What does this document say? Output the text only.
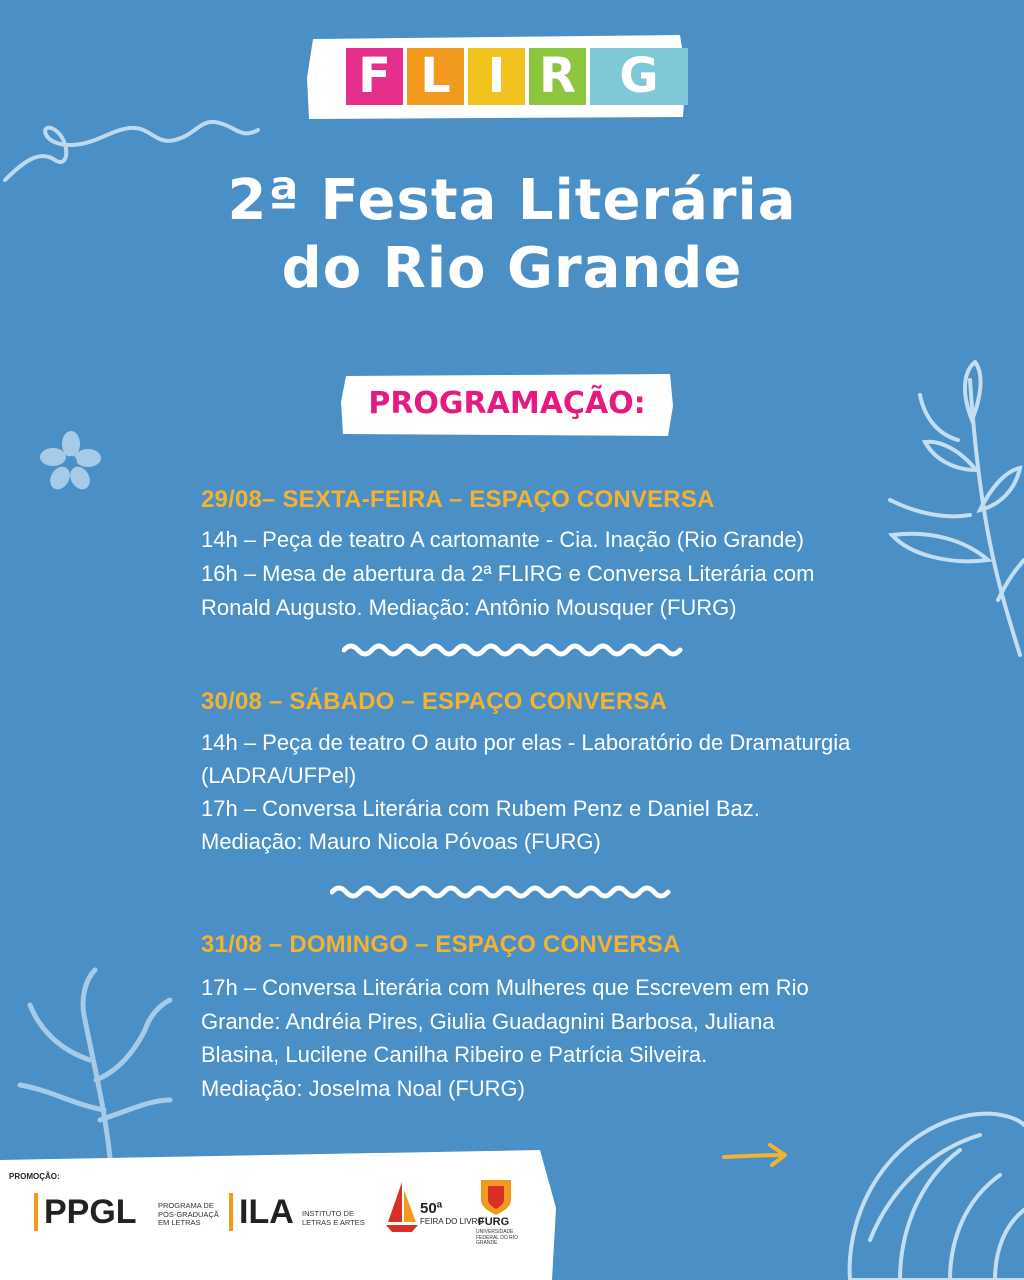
F L I R G
2ª Festa Literária
do Rio Grande
PROGRAMAÇÃO:
29/08– SEXTA-FEIRA – ESPAÇO CONVERSA
14h – Peça de teatro A cartomante - Cia. Inação (Rio Grande)
16h – Mesa de abertura da 2ª FLIRG e Conversa Literária com
Ronald Augusto. Mediação: Antônio Mousquer (FURG)
30/08 – SÁBADO – ESPAÇO CONVERSA
14h – Peça de teatro O auto por elas - Laboratório de Dramaturgia
(LADRA/UFPel)
17h – Conversa Literária com Rubem Penz e Daniel Baz.
Mediação: Mauro Nicola Póvoas (FURG)
31/08 – DOMINGO – ESPAÇO CONVERSA
17h – Conversa Literária com Mulheres que Escrevem em Rio
Grande: Andréia Pires, Giulia Guadagnini Barbosa, Juliana
Blasina, Lucilene Canilha Ribeiro e Patrícia Silveira.
Mediação: Joselma Noal (FURG)
PROMOÇÃO:
PPGL	PROGRAMA DE PÓS-GRADUAÇÃ EM LETRAS	ILA INSTITUTO DE LETRAS E ARTES
50ª
FEIRA DO LIVRO
FURG
UNIVERSIDADE FEDERAL DO RIO GRANDE
